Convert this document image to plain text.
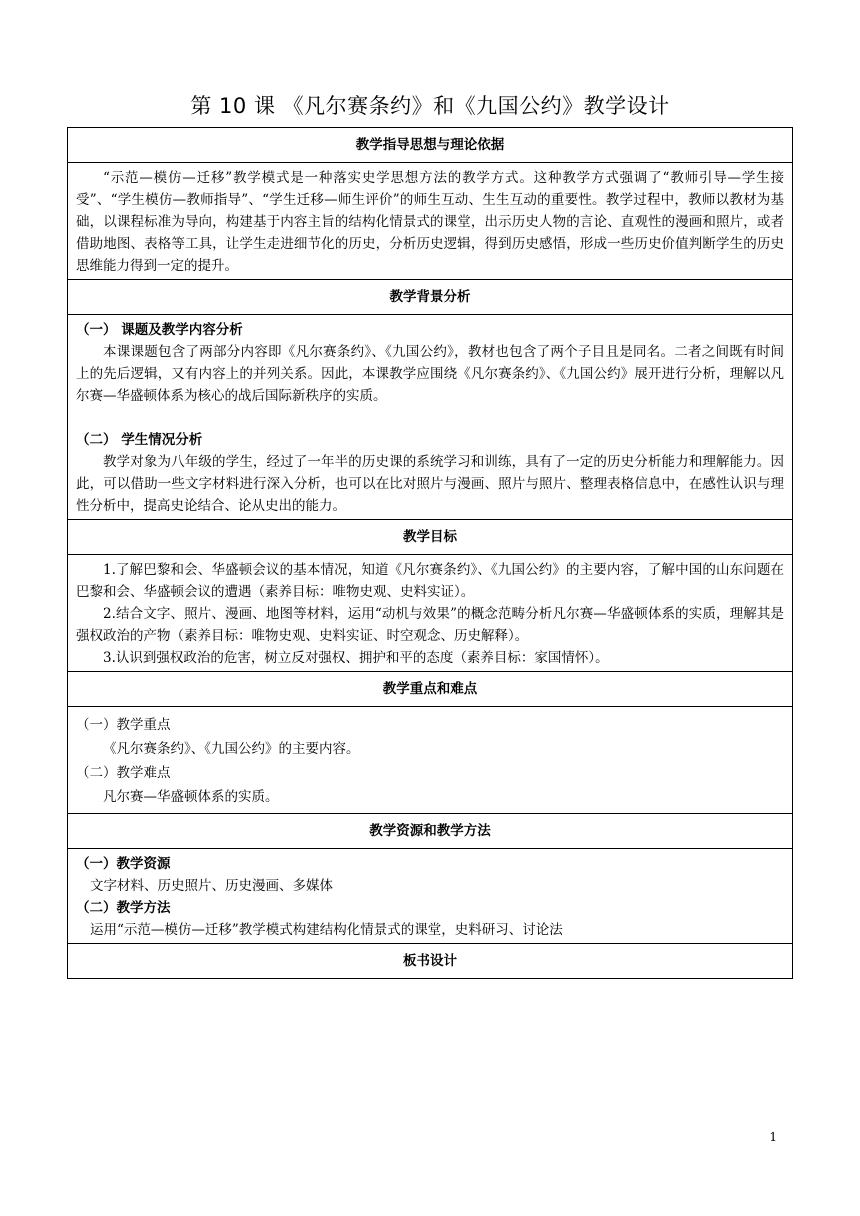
第 10 课 《凡尔赛条约》和《九国公约》教学设计
教学指导思想与理论依据

“示范—模仿—迁移”教学模式是一种落实史学思想方法的教学方式。这种教学方式强调了“教师引导—学生接受”、“学生模仿—教师指导”、“学生迁移—师生评价”的师生互动、生生互动的重要性。教学过程中，教师以教材为基础，以课程标准为导向，构建基于内容主旨的结构化情景式的课堂，出示历史人物的言论、直观性的漫画和照片，或者借助地图、表格等工具，让学生走进细节化的历史，分析历史逻辑，得到历史感悟，形成一些历史价值判断学生的历史思维能力得到一定的提升。

教学背景分析

（一） 课题及教学内容分析

本课课题包含了两部分内容即《凡尔赛条约》、《九国公约》，教材也包含了两个子目且是同名。二者之间既有时间上的先后逻辑，又有内容上的并列关系。因此，本课教学应围绕《凡尔赛条约》、《九国公约》展开进行分析，理解以凡尔赛—华盛顿体系为核心的战后国际新秩序的实质。

（二） 学生情况分析

教学对象为八年级的学生，经过了一年半的历史课的系统学习和训练，具有了一定的历史分析能力和理解能力。因此，可以借助一些文字材料进行深入分析，也可以在比对照片与漫画、照片与照片、整理表格信息中，在感性认识与理性分析中，提高史论结合、论从史出的能力。

教学目标

1.了解巴黎和会、华盛顿会议的基本情况，知道《凡尔赛条约》、《九国公约》的主要内容，了解中国的山东问题在巴黎和会、华盛顿会议的遭遇（素养目标：唯物史观、史料实证）。

2.结合文字、照片、漫画、地图等材料，运用“动机与效果”的概念范畴分析凡尔赛—华盛顿体系的实质，理解其是强权政治的产物（素养目标：唯物史观、史料实证、时空观念、历史解释）。

3.认识到强权政治的危害，树立反对强权、拥护和平的态度（素养目标：家国情怀）。

教学重点和难点

（一）教学重点

《凡尔赛条约》、《九国公约》的主要内容。

（二）教学难点

凡尔赛—华盛顿体系的实质。

教学资源和教学方法

（一）教学资源

文字材料、历史照片、历史漫画、多媒体

（二）教学方法

运用“示范—模仿—迁移”教学模式构建结构化情景式的课堂，史料研习、讨论法

板书设计
1
